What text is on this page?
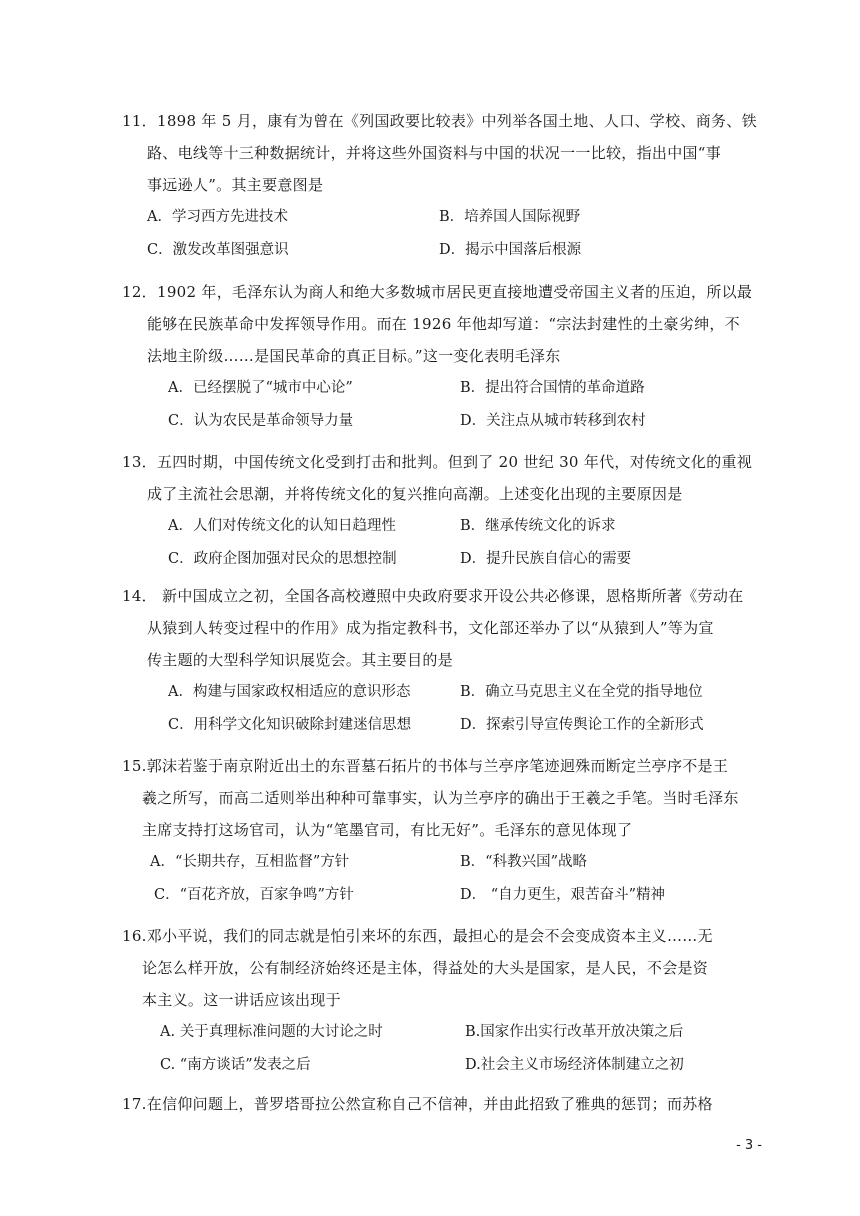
11．1898 年 5 月，康有为曾在《列国政要比较表》中列举各国土地、人口、学校、商务、铁
路、电线等十三种数据统计，并将这些外国资料与中国的状况一一比较，指出中国“事
事远逊人”。其主要意图是
A．学习西方先进技术	B．培养国人国际视野
C．激发改革图强意识	D．揭示中国落后根源
12．1902 年，毛泽东认为商人和绝大多数城市居民更直接地遭受帝国主义者的压迫，所以最
能够在民族革命中发挥领导作用。而在 1926 年他却写道：“宗法封建性的土豪劣绅，不
法地主阶级……是国民革命的真正目标。”这一变化表明毛泽东
A．已经摆脱了“城市中心论”	B．提出符合国情的革命道路
C．认为农民是革命领导力量	D．关注点从城市转移到农村
13．五四时期，中国传统文化受到打击和批判。但到了 20 世纪 30 年代，对传统文化的重视
成了主流社会思潮，并将传统文化的复兴推向高潮。上述变化出现的主要原因是
A．人们对传统文化的认知日趋理性	B．继承传统文化的诉求
C．政府企图加强对民众的思想控制	D．提升民族自信心的需要
14． 新中国成立之初，全国各高校遵照中央政府要求开设公共必修课，恩格斯所著《劳动在
从猿到人转变过程中的作用》成为指定教科书，文化部还举办了以“从猿到人”等为宣
传主题的大型科学知识展览会。其主要目的是
A．构建与国家政权相适应的意识形态	B．确立马克思主义在全党的指导地位
C．用科学文化知识破除封建迷信思想	D．探索引导宣传舆论工作的全新形式
15.郭沫若鉴于南京附近出土的东晋墓石拓片的书体与兰亭序笔迹迥殊而断定兰亭序不是王
羲之所写，而高二适则举出种种可靠事实，认为兰亭序的确出于王羲之手笔。当时毛泽东
主席支持打这场官司，认为“笔墨官司，有比无好”。毛泽东的意见体现了
A．“长期共存，互相监督”方针	B．“科教兴国”战略
C．“百花齐放，百家争鸣”方针	D． “自力更生，艰苦奋斗”精神
16.邓小平说，我们的同志就是怕引来坏的东西，最担心的是会不会变成资本主义……无
论怎么样开放，公有制经济始终还是主体，得益处的大头是国家，是人民，不会是资
本主义。这一讲话应该出现于
A. 关于真理标准问题的大讨论之时	B.国家作出实行改革开放决策之后
C. “南方谈话”发表之后	D.社会主义市场经济体制建立之初
17.在信仰问题上，普罗塔哥拉公然宣称自己不信神，并由此招致了雅典的惩罚；而苏格
- 3 -
